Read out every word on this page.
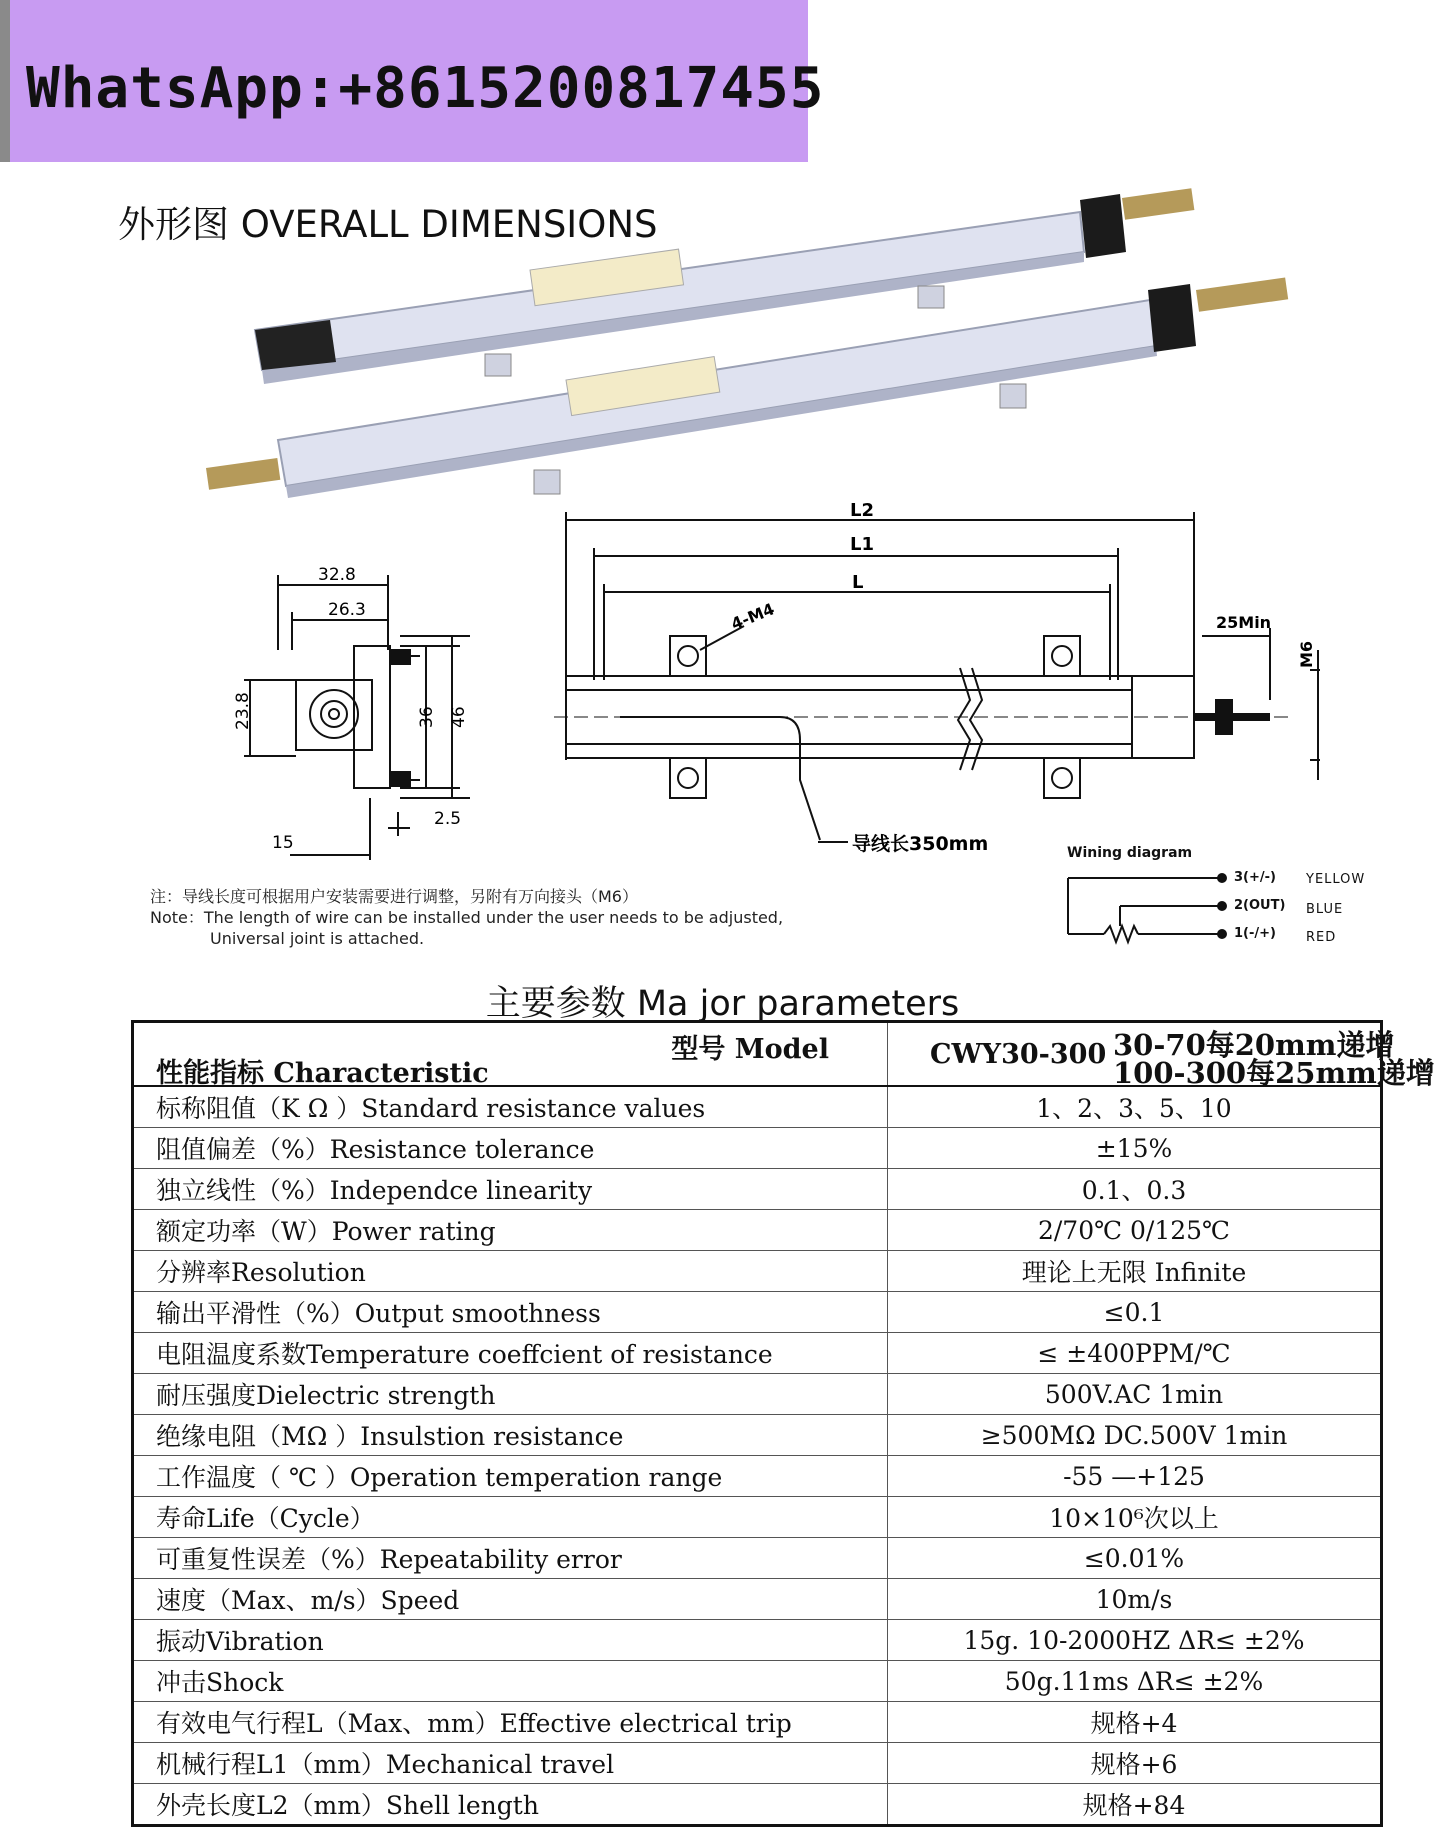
WhatsApp:+8615200817455
外形图 OVERALL DIMENSIONS
32.8
26.3
23.8	36 46
2.5
15
L2
L1
L
4-M4	25Min
M6
导线长350mm
注：导线长度可根据用户安装需要进行调整，另附有万向接头（M6）
Note：The length of wire can be installed under the user needs to be adjusted,
Universal joint is attached.
Wining diagram
3(+/-)
2(OUT)
1(-/+)
YELLOW
BLUE
RED
主要参数 Ma jor parameters
型号 Model
性能指标 Characteristic	CWY30-300 30-70每20mm递增
100-300每25mm递增

标称阻值（K Ω ）Standard resistance values	1、2、3、5、10
阻值偏差（%）Resistance tolerance	±15%
独立线性（%）Independce linearity	0.1、0.3
额定功率（W）Power rating	2/70℃ 0/125℃
分辨率Resolution	理论上无限 Infinite
输出平滑性（%）Output smoothness	≤0.1
电阻温度系数Temperature coeffcient of resistance	≤ ±400PPM/℃
耐压强度Dielectric strength	500V.AC 1min
绝缘电阻（MΩ ）Insulstion resistance	≥500MΩ DC.500V 1min
工作温度（ ℃ ）Operation temperation range	-55 —+125
寿命Life（Cycle）	10×10⁶次以上
可重复性误差（%）Repeatability error	≤0.01%
速度（Max、m/s）Speed	10m/s
振动Vibration	15g. 10-2000HZ ΔR≤ ±2%
冲击Shock	50g.11ms ΔR≤ ±2%
有效电气行程L（Max、mm）Effective electrical trip	规格+4
机械行程L1（mm）Mechanical travel	规格+6
外壳长度L2（mm）Shell length	规格+84
